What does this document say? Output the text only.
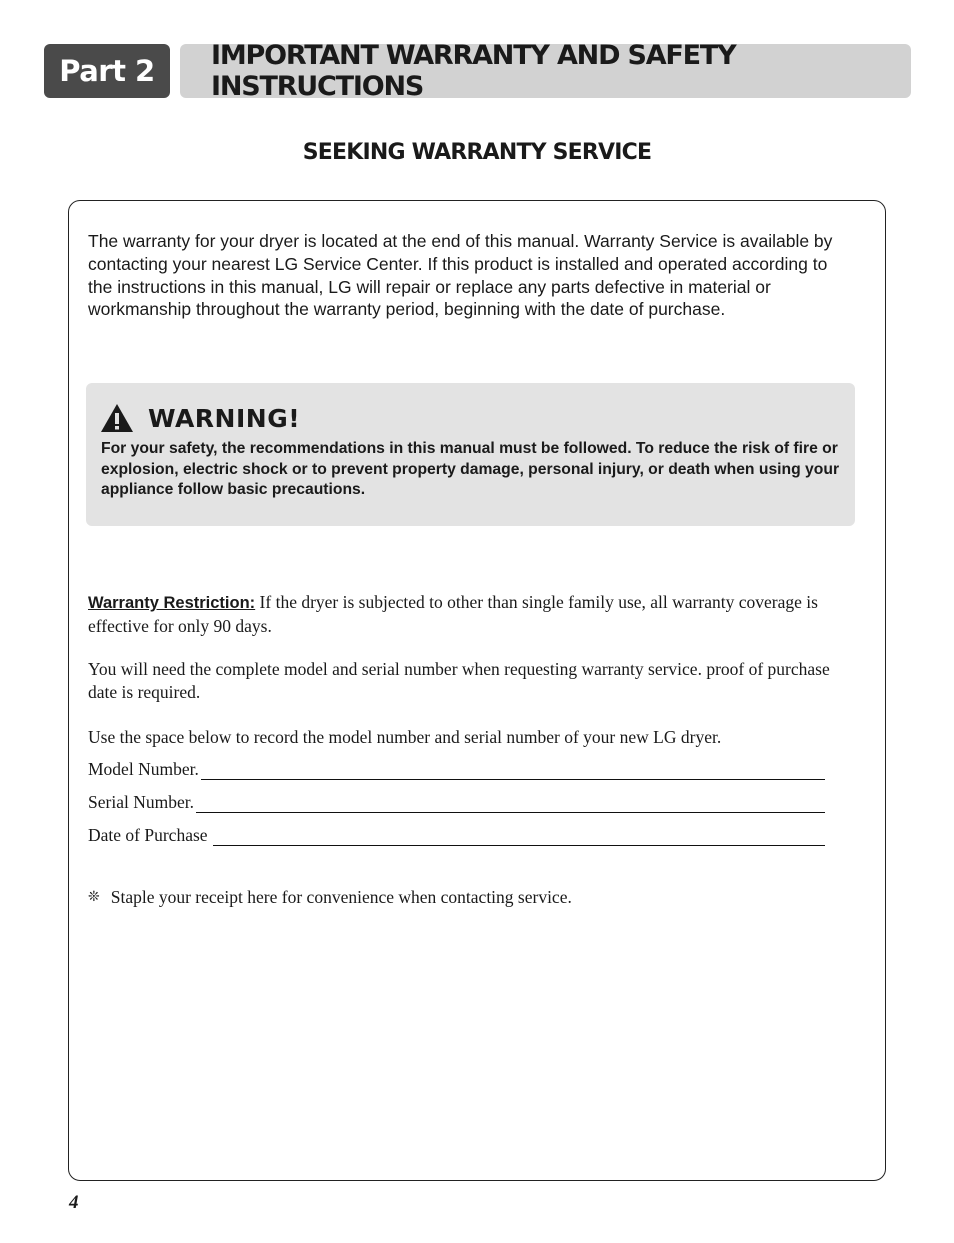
Part 2	IMPORTANT WARRANTY AND SAFETY INSTRUCTIONS
SEEKING WARRANTY SERVICE

The warranty for your dryer is located at the end of this manual. Warranty Service is available by contacting your nearest LG Service Center. If this product is installed and operated according to the instructions in this manual, LG will repair or replace any parts defective in material or workmanship throughout the warranty period, beginning with the date of purchase.

WARNING!

For your safety, the recommendations in this manual must be followed. To reduce the risk of fire or explosion, electric shock or to prevent property damage, personal injury, or death when using your appliance follow basic precautions.

Warranty Restriction: If the dryer is subjected to other than single family use, all warranty coverage is effective for only 90 days.

You will need the complete model and serial number when requesting warranty service. proof of purchase date is required.

Use the space below to record the model number and serial number of your new LG dryer.

Model Number.
Serial Number.
Date of Purchase

❊ Staple your receipt here for convenience when contacting service.

4
